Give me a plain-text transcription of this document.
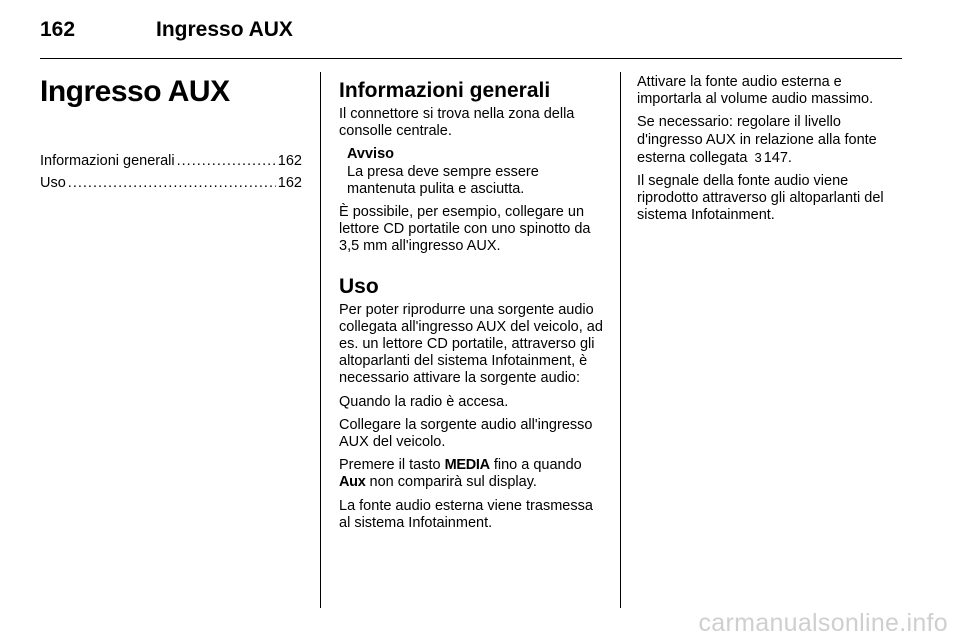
162	Ingresso AUX
Ingresso AUX
Informazioni generali .....	162
Uso .....	162
Informazioni generali

Il connettore si trova nella zona della consolle centrale.

Avviso
La presa deve sempre essere mantenuta pulita e asciutta.

È possibile, per esempio, collegare un lettore CD portatile con uno spinotto da 3,5 mm all'ingresso AUX.

Uso

Per poter riprodurre una sorgente audio collegata all'ingresso AUX del veicolo, ad es. un lettore CD portatile, attraverso gli altoparlanti del sistema Infotainment, è necessario attivare la sorgente audio:

Quando la radio è accesa.

Collegare la sorgente audio all'ingresso AUX del veicolo.

Premere il tasto MEDIA fino a quando Aux non comparirà sul display.

La fonte audio esterna viene trasmessa al sistema Infotainment.

Attivare la fonte audio esterna e importarla al volume audio massimo.

Se necessario: regolare il livello d'ingresso AUX in relazione alla fonte esterna collegata 3 147.

Il segnale della fonte audio viene riprodotto attraverso gli altoparlanti del sistema Infotainment.

carmanualsonline.info
